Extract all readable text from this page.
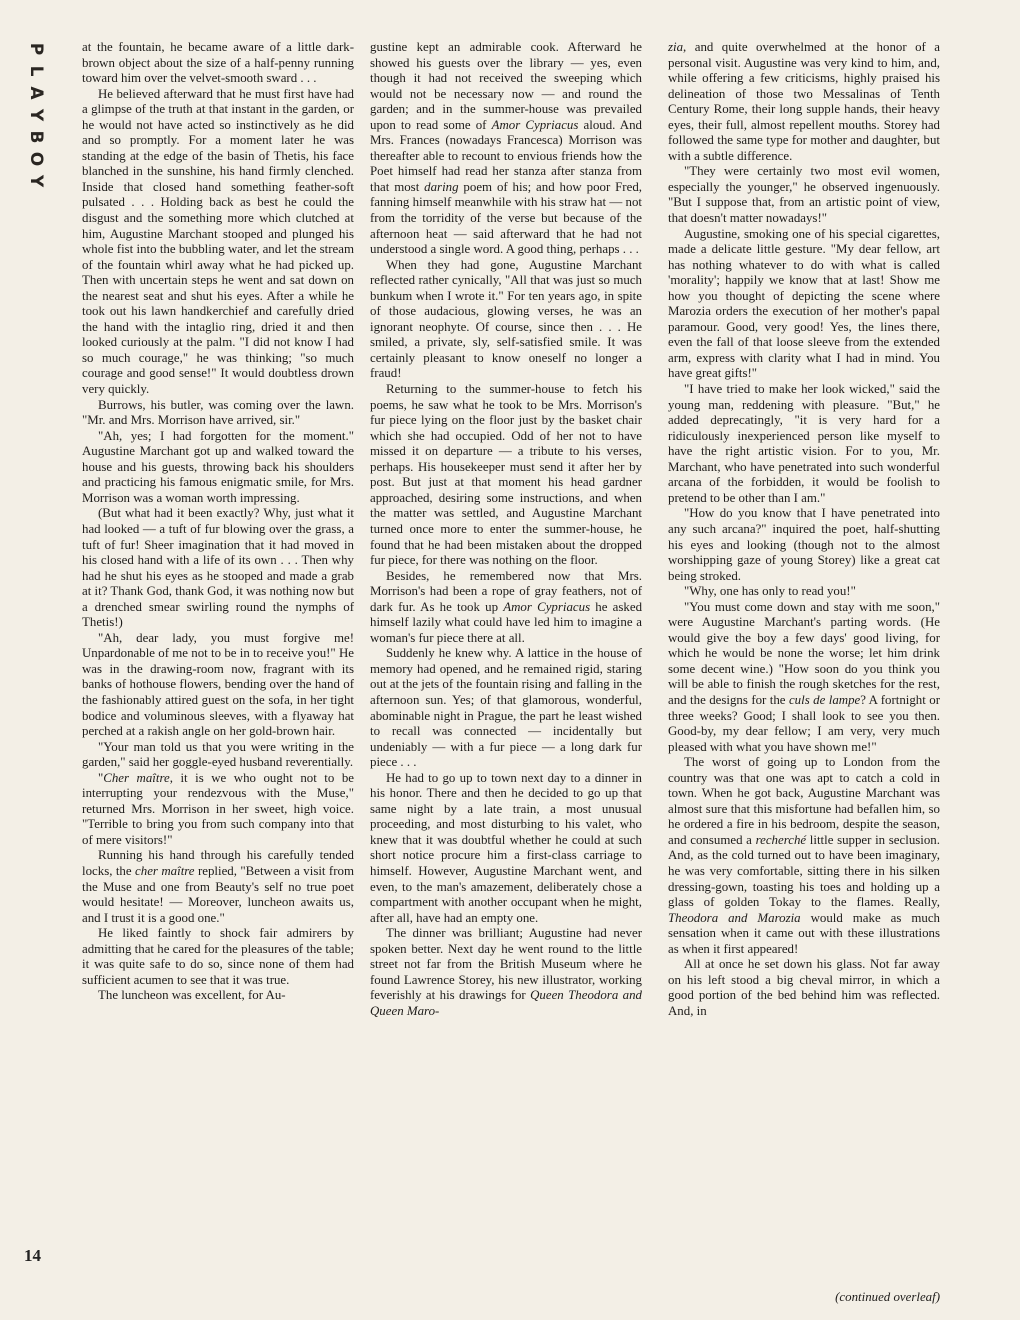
P
L
A
Y
B
O
Y

at the fountain, he became aware of a little dark-brown object about the size of a half-penny running toward him over the velvet-smooth sward . . .

He believed afterward that he must first have had a glimpse of the truth at that instant in the garden, or he would not have acted so instinctively as he did and so promptly. For a moment later he was standing at the edge of the basin of Thetis, his face blanched in the sunshine, his hand firmly clenched. Inside that closed hand something feather-soft pulsated . . . Holding back as best he could the disgust and the something more which clutched at him, Augustine Marchant stooped and plunged his whole fist into the bubbling water, and let the stream of the fountain whirl away what he had picked up. Then with uncertain steps he went and sat down on the nearest seat and shut his eyes. After a while he took out his lawn handkerchief and carefully dried the hand with the intaglio ring, dried it and then looked curiously at the palm. "I did not know I had so much courage," he was thinking; "so much courage and good sense!" It would doubtless drown very quickly.

Burrows, his butler, was coming over the lawn. "Mr. and Mrs. Morrison have arrived, sir."

"Ah, yes; I had forgotten for the moment." Augustine Marchant got up and walked toward the house and his guests, throwing back his shoulders and practicing his famous enigmatic smile, for Mrs. Morrison was a woman worth impressing.

(But what had it been exactly? Why, just what it had looked — a tuft of fur blowing over the grass, a tuft of fur! Sheer imagination that it had moved in his closed hand with a life of its own . . . Then why had he shut his eyes as he stooped and made a grab at it? Thank God, thank God, it was nothing now but a drenched smear swirling round the nymphs of Thetis!)

"Ah, dear lady, you must forgive me! Unpardonable of me not to be in to receive you!" He was in the drawing-room now, fragrant with its banks of hothouse flowers, bending over the hand of the fashionably attired guest on the sofa, in her tight bodice and voluminous sleeves, with a flyaway hat perched at a rakish angle on her gold-brown hair.

"Your man told us that you were writing in the garden," said her goggle-eyed husband reverentially.

"Cher maître, it is we who ought not to be interrupting your rendezvous with the Muse," returned Mrs. Morrison in her sweet, high voice. "Terrible to bring you from such company into that of mere visitors!"

Running his hand through his carefully tended locks, the cher maître replied, "Between a visit from the Muse and one from Beauty's self no true poet would hesitate! — Moreover, luncheon awaits us, and I trust it is a good one."

He liked faintly to shock fair admirers by admitting that he cared for the pleasures of the table; it was quite safe to do so, since none of them had sufficient acumen to see that it was true.

The luncheon was excellent, for Au-

gustine kept an admirable cook. Afterward he showed his guests over the library — yes, even though it had not received the sweeping which would not be necessary now — and round the garden; and in the summer-house was prevailed upon to read some of Amor Cypriacus aloud. And Mrs. Frances (nowadays Francesca) Morrison was thereafter able to recount to envious friends how the Poet himself had read her stanza after stanza from that most daring poem of his; and how poor Fred, fanning himself meanwhile with his straw hat — not from the torridity of the verse but because of the afternoon heat — said afterward that he had not understood a single word. A good thing, perhaps . . .

When they had gone, Augustine Marchant reflected rather cynically, "All that was just so much bunkum when I wrote it." For ten years ago, in spite of those audacious, glowing verses, he was an ignorant neophyte. Of course, since then . . . He smiled, a private, sly, self-satisfied smile. It was certainly pleasant to know oneself no longer a fraud!

Returning to the summer-house to fetch his poems, he saw what he took to be Mrs. Morrison's fur piece lying on the floor just by the basket chair which she had occupied. Odd of her not to have missed it on departure — a tribute to his verses, perhaps. His housekeeper must send it after her by post. But just at that moment his head gardner approached, desiring some instructions, and when the matter was settled, and Augustine Marchant turned once more to enter the summer-house, he found that he had been mistaken about the dropped fur piece, for there was nothing on the floor.

Besides, he remembered now that Mrs. Morrison's had been a rope of gray feathers, not of dark fur. As he took up Amor Cypriacus he asked himself lazily what could have led him to imagine a woman's fur piece there at all.

Suddenly he knew why. A lattice in the house of memory had opened, and he remained rigid, staring out at the jets of the fountain rising and falling in the afternoon sun. Yes; of that glamorous, wonderful, abominable night in Prague, the part he least wished to recall was connected — incidentally but undeniably — with a fur piece — a long dark fur piece . . .

He had to go up to town next day to a dinner in his honor. There and then he decided to go up that same night by a late train, a most unusual proceeding, and most disturbing to his valet, who knew that it was doubtful whether he could at such short notice procure him a first-class carriage to himself. However, Augustine Marchant went, and even, to the man's amazement, deliberately chose a compartment with another occupant when he might, after all, have had an empty one.

The dinner was brilliant; Augustine had never spoken better. Next day he went round to the little street not far from the British Museum where he found Lawrence Storey, his new illustrator, working feverishly at his drawings for Queen Theodora and Queen Maro-

zia, and quite overwhelmed at the honor of a personal visit. Augustine was very kind to him, and, while offering a few criticisms, highly praised his delineation of those two Messalinas of Tenth Century Rome, their long supple hands, their heavy eyes, their full, almost repellent mouths. Storey had followed the same type for mother and daughter, but with a subtle difference.

"They were certainly two most evil women, especially the younger," he observed ingenuously. "But I suppose that, from an artistic point of view, that doesn't matter nowadays!"

Augustine, smoking one of his special cigarettes, made a delicate little gesture. "My dear fellow, art has nothing whatever to do with what is called 'morality'; happily we know that at last! Show me how you thought of depicting the scene where Marozia orders the execution of her mother's papal paramour. Good, very good! Yes, the lines there, even the fall of that loose sleeve from the extended arm, express with clarity what I had in mind. You have great gifts!"

"I have tried to make her look wicked," said the young man, reddening with pleasure. "But," he added deprecatingly, "it is very hard for a ridiculously inexperienced person like myself to have the right artistic vision. For to you, Mr. Marchant, who have penetrated into such wonderful arcana of the forbidden, it would be foolish to pretend to be other than I am."

"How do you know that I have penetrated into any such arcana?" inquired the poet, half-shutting his eyes and looking (though not to the almost worshipping gaze of young Storey) like a great cat being stroked.

"Why, one has only to read you!"

"You must come down and stay with me soon," were Augustine Marchant's parting words. (He would give the boy a few days' good living, for which he would be none the worse; let him drink some decent wine.) "How soon do you think you will be able to finish the rough sketches for the rest, and the designs for the culs de lampe? A fortnight or three weeks? Good; I shall look to see you then. Good-by, my dear fellow; I am very, very much pleased with what you have shown me!"

The worst of going up to London from the country was that one was apt to catch a cold in town. When he got back, Augustine Marchant was almost sure that this misfortune had befallen him, so he ordered a fire in his bedroom, despite the season, and consumed a recherché little supper in seclusion. And, as the cold turned out to have been imaginary, he was very comfortable, sitting there in his silken dressing-gown, toasting his toes and holding up a glass of golden Tokay to the flames. Really, Theodora and Marozia would make as much sensation when it came out with these illustrations as when it first appeared!

All at once he set down his glass. Not far away on his left stood a big cheval mirror, in which a good portion of the bed behind him was reflected. And, in

14
(continued overleaf)
